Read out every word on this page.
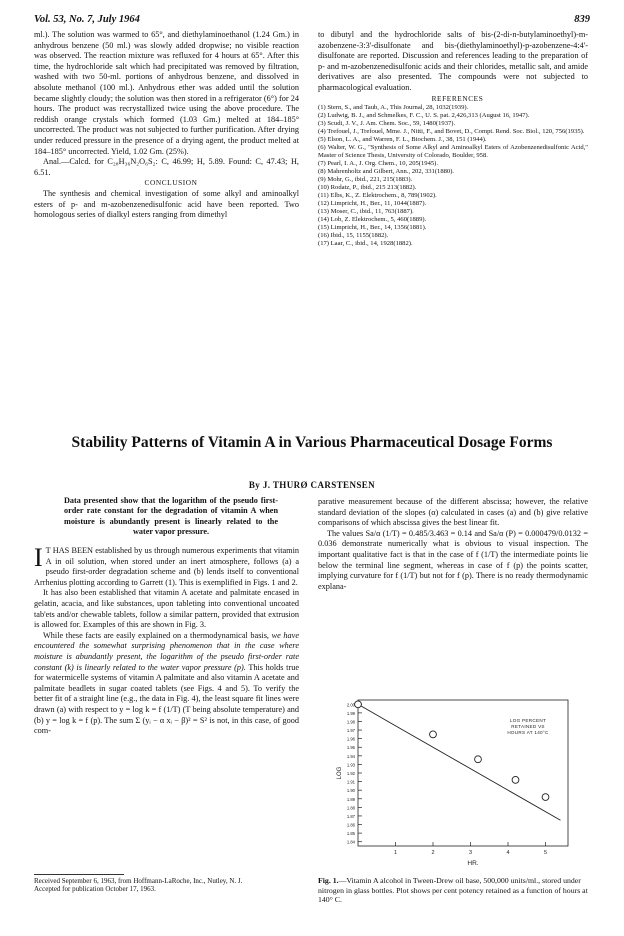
Vol. 53, No. 7, July 1964	839

ml.). The solution was warmed to 65°, and diethylaminoethanol (1.24 Gm.) in anhydrous benzene (50 ml.) was slowly added dropwise; no visible reaction was observed. The reaction mixture was refluxed for 4 hours at 65°. After this time, the hydrochloride salt which had precipitated was removed by filtration, washed with two 50-ml. portions of anhydrous benzene, and dissolved in absolute methanol (100 ml.). Anhydrous ether was added until the solution became slightly cloudy; the solution was then stored in a refrigerator (6°) for 24 hours. The product was recrystallized twice using the above procedure. The reddish orange crystals which formed (1.03 Gm.) melted at 184–185° uncorrected. The product was not subjected to further purification. After drying under reduced pressure in the presence of a drying agent, the product melted at 184–185° uncorrected. Yield, 1.02 Gm. (25%).

Anal.—Calcd. for C₂₈H₃₆N₂O₆S₂: C, 46.99; H, 5.89. Found: C, 47.43; H, 6.51.

CONCLUSION

The synthesis and chemical investigation of some alkyl and aminoalkyl esters of p- and m-azobenzenedisulfonic acid have been reported. Two homologous series of dialkyl esters ranging from dimethyl

to dibutyl and the hydrochloride salts of bis-(2-di-n-butylaminoethyl)-m-azobenzene-3:3'-disulfonate and bis-(diethylaminoethyl)-p-azobenzene-4:4'-disulfonate are reported. Discussion and references leading to the preparation of p- and m-azobenzenedisulfonic acids and their chlorides, metallic salt, and amide derivatives are also presented. The compounds were not subjected to pharmacological evaluation.

REFERENCES

(1) Stern, S., and Taub, A., This Journal, 28, 1032(1939).
(2) Ludwig, B. J., and Schmelkes, F. C., U. S. pat. 2,426,313 (August 16, 1947).
(3) Scudi, J. V., J. Am. Chem. Soc., 59, 1480(1937).
(4) Trefouel, J., Trefouel, Mme. J., Nitti, F., and Bovet, D., Compt. Rend. Soc. Biol., 120, 756(1935).
(5) Elson, L. A., and Warren, F. L., Biochem. J., 38, 151 (1944).
(6) Walter, W. G., "Synthesis of Some Alkyl and Aminoalkyl Esters of Azobenzenedisulfonic Acid," Master of Science Thesis, University of Colorado, Boulder, 958.
(7) Pearl, I. A., J. Org. Chem., 10, 205(1945).
(8) Mahrenholtz and Gilbert, Ann., 202, 331(1880).
(9) Mohr, G., ibid., 221, 215(1883).
(10) Rodatz, P., ibid., 215 213(1882).
(11) Elbs, K., Z. Elektrochem., 8, 789(1902).
(12) Limpricht, H., Ber., 11, 1044(1887).
(13) Moser, C., ibid., 11, 763(1887).
(14) Lob, Z. Elektrochem., 5, 460(1889).
(15) Limpricht, H., Ber., 14, 1356(1881).
(16) Ibid., 15, 1155(1882).
(17) Laar, C., ibid., 14, 1928(1882).
Stability Patterns of Vitamin A in Various Pharmaceutical Dosage Forms
By J. THURØ CARSTENSEN

Data presented show that the logarithm of the pseudo first-order rate constant for the degradation of vitamin A when moisture is abundantly present is linearly related to the water vapor pressure.

I T HAS BEEN established by us through numerous experiments that vitamin A in oil solution, when stored under an inert atmosphere, follows (a) a pseudo first-order degradation scheme and (b) lends itself to conventional Arrhenius plotting according to Garrett (1). This is exemplified in Figs. 1 and 2.

It has also been established that vitamin A acetate and palmitate encased in gelatin, acacia, and like substances, upon tableting into conventional uncoated tab'ets and/or chewable tablets, follow a similar pattern, provided that extrusion is allowed for. Examples of this are shown in Fig. 3.

While these facts are easily explained on a thermodynamical basis, we have encountered the somewhat surprising phenomenon that in the case where moisture is abundantly present, the logarithm of the pseudo first-order rate constant (k) is linearly related to the water vapor pressure (p). This holds true for watermicelle systems of vitamin A palmitate and also vitamin A acetate and palmitate beadlets in sugar coated tablets (see Figs. 4 and 5). To verify the better fit of a straight line (e.g., the data in Fig. 4), the least square fit lines were drawn (a) with respect to y = log k = f (1/T) (T being absolute temperature) and (b) y = log k = f (p). The sum Σ (yᵢ − α xᵢ − β)² = S² is not, in this case, of good com-

Received September 6, 1963, from Hoffmann-LaRoche, Inc., Nutley, N. J.
Accepted for publication October 17, 1963.

parative measurement because of the different abscissa; however, the relative standard deviation of the slopes (α) calculated in cases (a) and (b) give relative comparisons of which abscissa gives the best linear fit.

The values Sa/α (1/T) = 0.485/3.463 = 0.14 and Sa/α (P) = 0.000479/0.0132 = 0.036 demonstrate numerically what is obvious to visual inspection. The important qualitative fact is that in the case of f (1/T) the intermediate points lie below the terminal line segment, whereas in case of f (p) the points scatter, implying curvature for f (1/T) but not for f (p). There is no ready thermodynamic explana-

2.00
1.99
1.98
1.97
1.96
1.95
1.94
1.93
1.92
1.91
1.90
1.89
1.88
1.87
1.86
1.85
1.84
1	2	3	4	5
LOG PERCENT
RETAINED VS
HOURS AT 140°C
LOG
HR.
Fig. 1.—Vitamin A alcohol in Tween-Drew oil base, 500,000 units/ml., stored under nitrogen in glass bottles. Plot shows per cent potency retained as a function of hours at 140° C.
